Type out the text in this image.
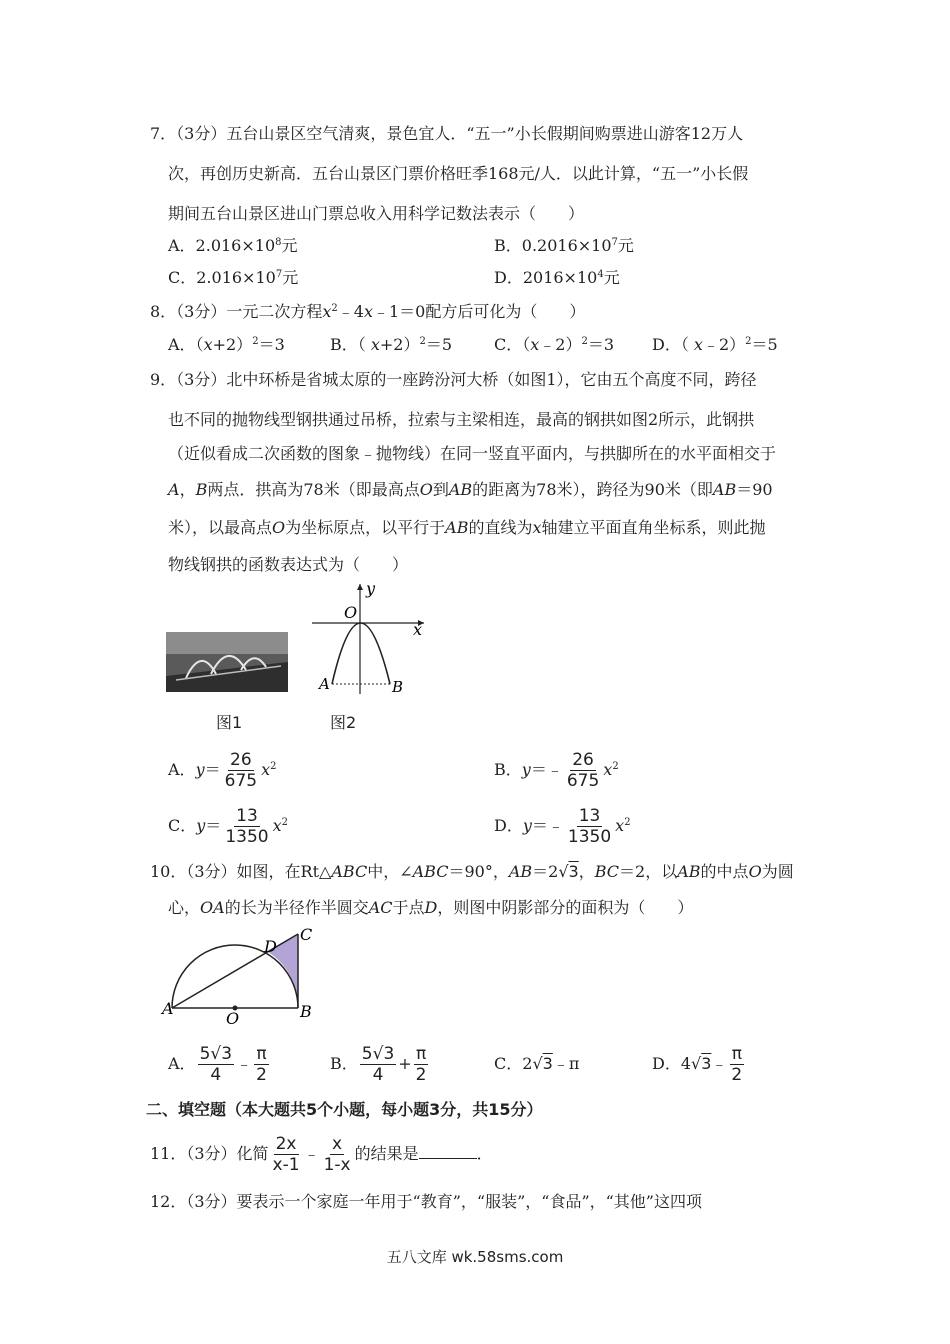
7．（3分）五台山景区空气清爽，景色宜人．“五一”小长假期间购票进山游客12万人
次，再创历史新高．五台山景区门票价格旺季168元/人．以此计算，“五一”小长假
期间五台山景区进山门票总收入用科学记数法表示（　　）
A．$2.016\times 10^8$元	B．$0.2016\times 10^7$元
C．$2.016\times 10^7$元	D．$2016\times 10^4$元
8．（3分）一元二次方程$x^2﹣4x﹣1=0$配方后可化为（　　）
A．$(x+2)^2=3$	B．（ x+2）$^2$＝5	C．（x﹣2）$^2$＝3 D．（ x﹣2）$^2$＝5
9．（3分）北中环桥是省城太原的一座跨汾河大桥（如图1），它由五个高度不同，跨径
也不同的抛物线型钢拱通过吊桥，拉索与主梁相连，最高的钢拱如图2所示，此钢拱
（近似看成二次函数的图象﹣抛物线）在同一竖直平面内，与拱脚所在的水平面相交于
A，B两点．拱高为78米（即最高点O到AB的距离为78米），跨径为90米（即AB＝90
米），以最高点O为坐标原点，以平行于AB的直线为x轴建立平面直角坐标系，则此抛
物线钢拱的函数表达式为（　　）
图1
y
O
x
A	B
图2
A．$y= \frac{26}{675} x^2$	B．y＝﹣ $\frac{26}{675} x^2$
C．$y= \frac{13}{1350} x^2$	D．y＝﹣ $\frac{13}{1350} x^2$
10．（3分）如图，在Rt△ABC中，∠ABC＝90°，AB＝2√3，BC＝2，以AB的中点O为圆
心，OA的长为半径作半圆交AC于点D，则图中阴影部分的面积为（　　）
A	B
C
D
O
A． $\frac{5√3}{4}$ ﹣ $\frac{\pi}{2}$	B． $\frac{5√3}{4} + \frac{\pi}{2}$	C．2√3﹣π	D．4√3﹣ $\frac{\pi}{2}$
二、填空题（本大题共5个小题，每小题3分，共15分）
11．（3分）化简 $\frac{2x}{x-1}$ ﹣ $\frac{x}{1-x}$ 的结果是	．
12．（3分）要表示一个家庭一年用于“教育”，“服装”，“食品”，“其他”这四项
五八文库 wk.58sms.com
